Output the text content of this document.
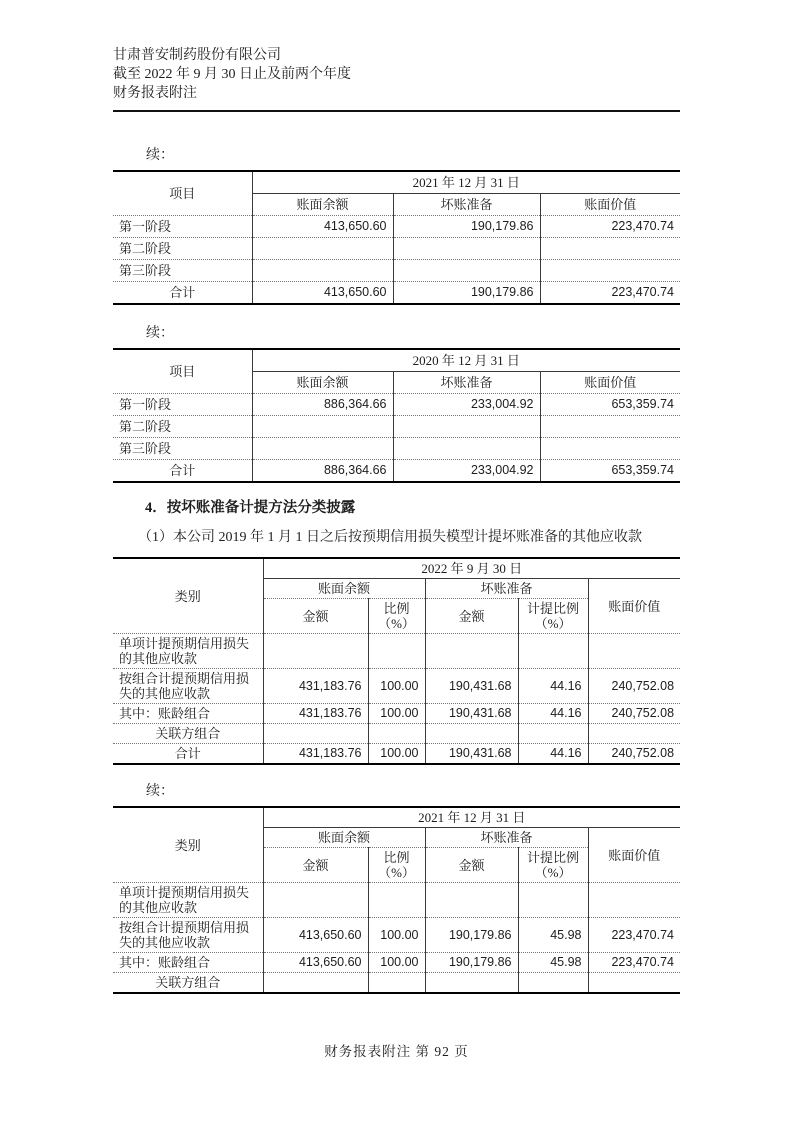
甘肃普安制药股份有限公司

截至 2022 年 9 月 30 日止及前两个年度

财务报表附注

续：

项目	2021 年 12 月 31 日		
	账面余额	坏账准备	账面价值
第一阶段	413,650.60	190,179.86	223,470.74
第二阶段			
第三阶段			
合计	413,650.60	190,179.86	223,470.74

续：

项目	2020 年 12 月 31 日		
	账面余额	坏账准备	账面价值
第一阶段	886,364.66	233,004.92	653,359.74
第二阶段			
第三阶段			
合计	886,364.66	233,004.92	653,359.74

4．按坏账准备计提方法分类披露

（1）本公司 2019 年 1 月 1 日之后按预期信用损失模型计提坏账准备的其他应收款

类别	2022 年 9 月 30 日				
	账面余额		坏账准备		账面价值
	金额	比例（%）	金额	计提比例（%）	
单项计提预期信用损失的其他应收款					
按组合计提预期信用损失的其他应收款	431,183.76	100.00	190,431.68	44.16	240,752.08
其中：账龄组合	431,183.76	100.00	190,431.68	44.16	240,752.08
关联方组合					
合计	431,183.76	100.00	190,431.68	44.16	240,752.08

续：

类别	2021 年 12 月 31 日				
	账面余额		坏账准备		账面价值
	金额	比例（%）	金额	计提比例（%）	
单项计提预期信用损失的其他应收款					
按组合计提预期信用损失的其他应收款	413,650.60	100.00	190,179.86	45.98	223,470.74
其中：账龄组合	413,650.60	100.00	190,179.86	45.98	223,470.74
关联方组合					
财务报表附注 第 92 页
